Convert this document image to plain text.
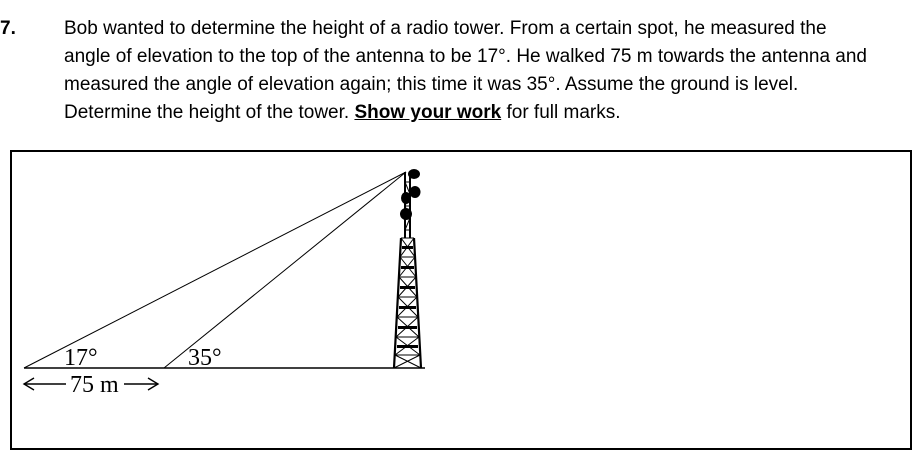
7.	Bob wanted to determine the height of a radio tower. From a certain spot, he measured the
angle of elevation to the top of the antenna to be 17°. He walked 75 m towards the antenna and
measured the angle of elevation again; this time it was 35°. Assume the ground is level.
Determine the height of the tower. Show your work for full marks.
17°	35°
75 m
